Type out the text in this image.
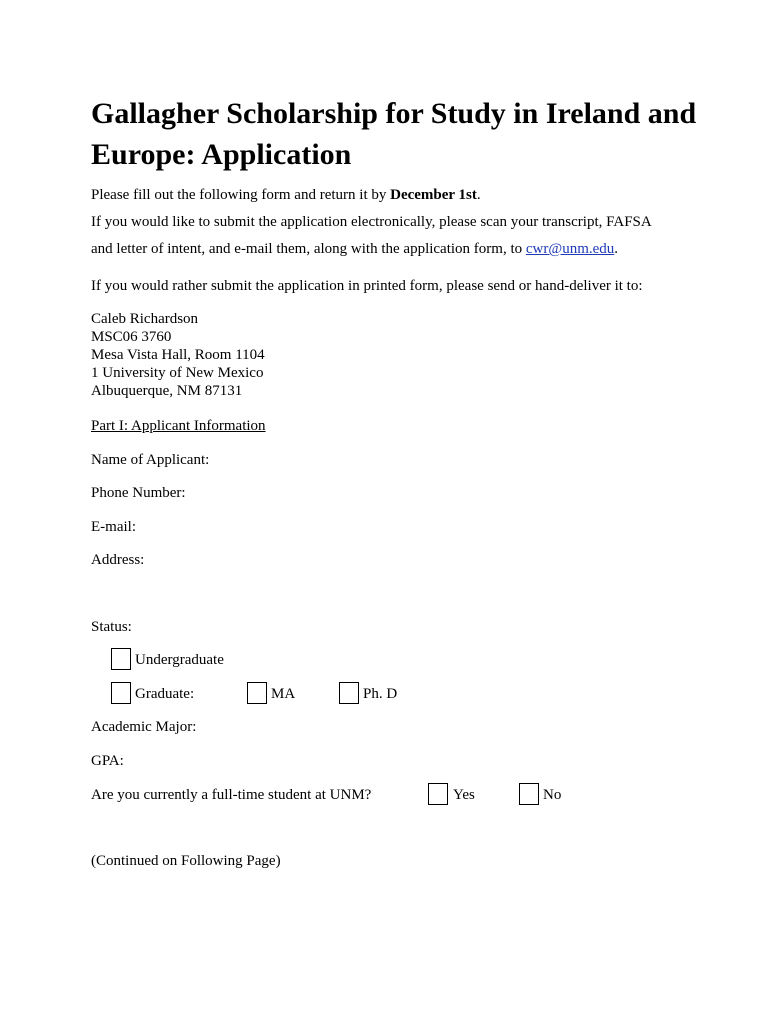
Gallagher Scholarship for Study in Ireland and Europe: Application
Please fill out the following form and return it by December 1st.
If you would like to submit the application electronically, please scan your transcript, FAFSA
and letter of intent, and e-mail them, along with the application form, to cwr@unm.edu.
If you would rather submit the application in printed form, please send or hand-deliver it to:
Caleb Richardson
MSC06 3760
Mesa Vista Hall, Room 1104
1 University of New Mexico
Albuquerque, NM 87131
Part I: Applicant Information
Name of Applicant:
Phone Number:
E-mail:
Address:
Status:
Undergraduate
Graduate:	MA	Ph. D
Academic Major:
GPA:
Are you currently a full-time student at UNM?	Yes	No
(Continued on Following Page)
